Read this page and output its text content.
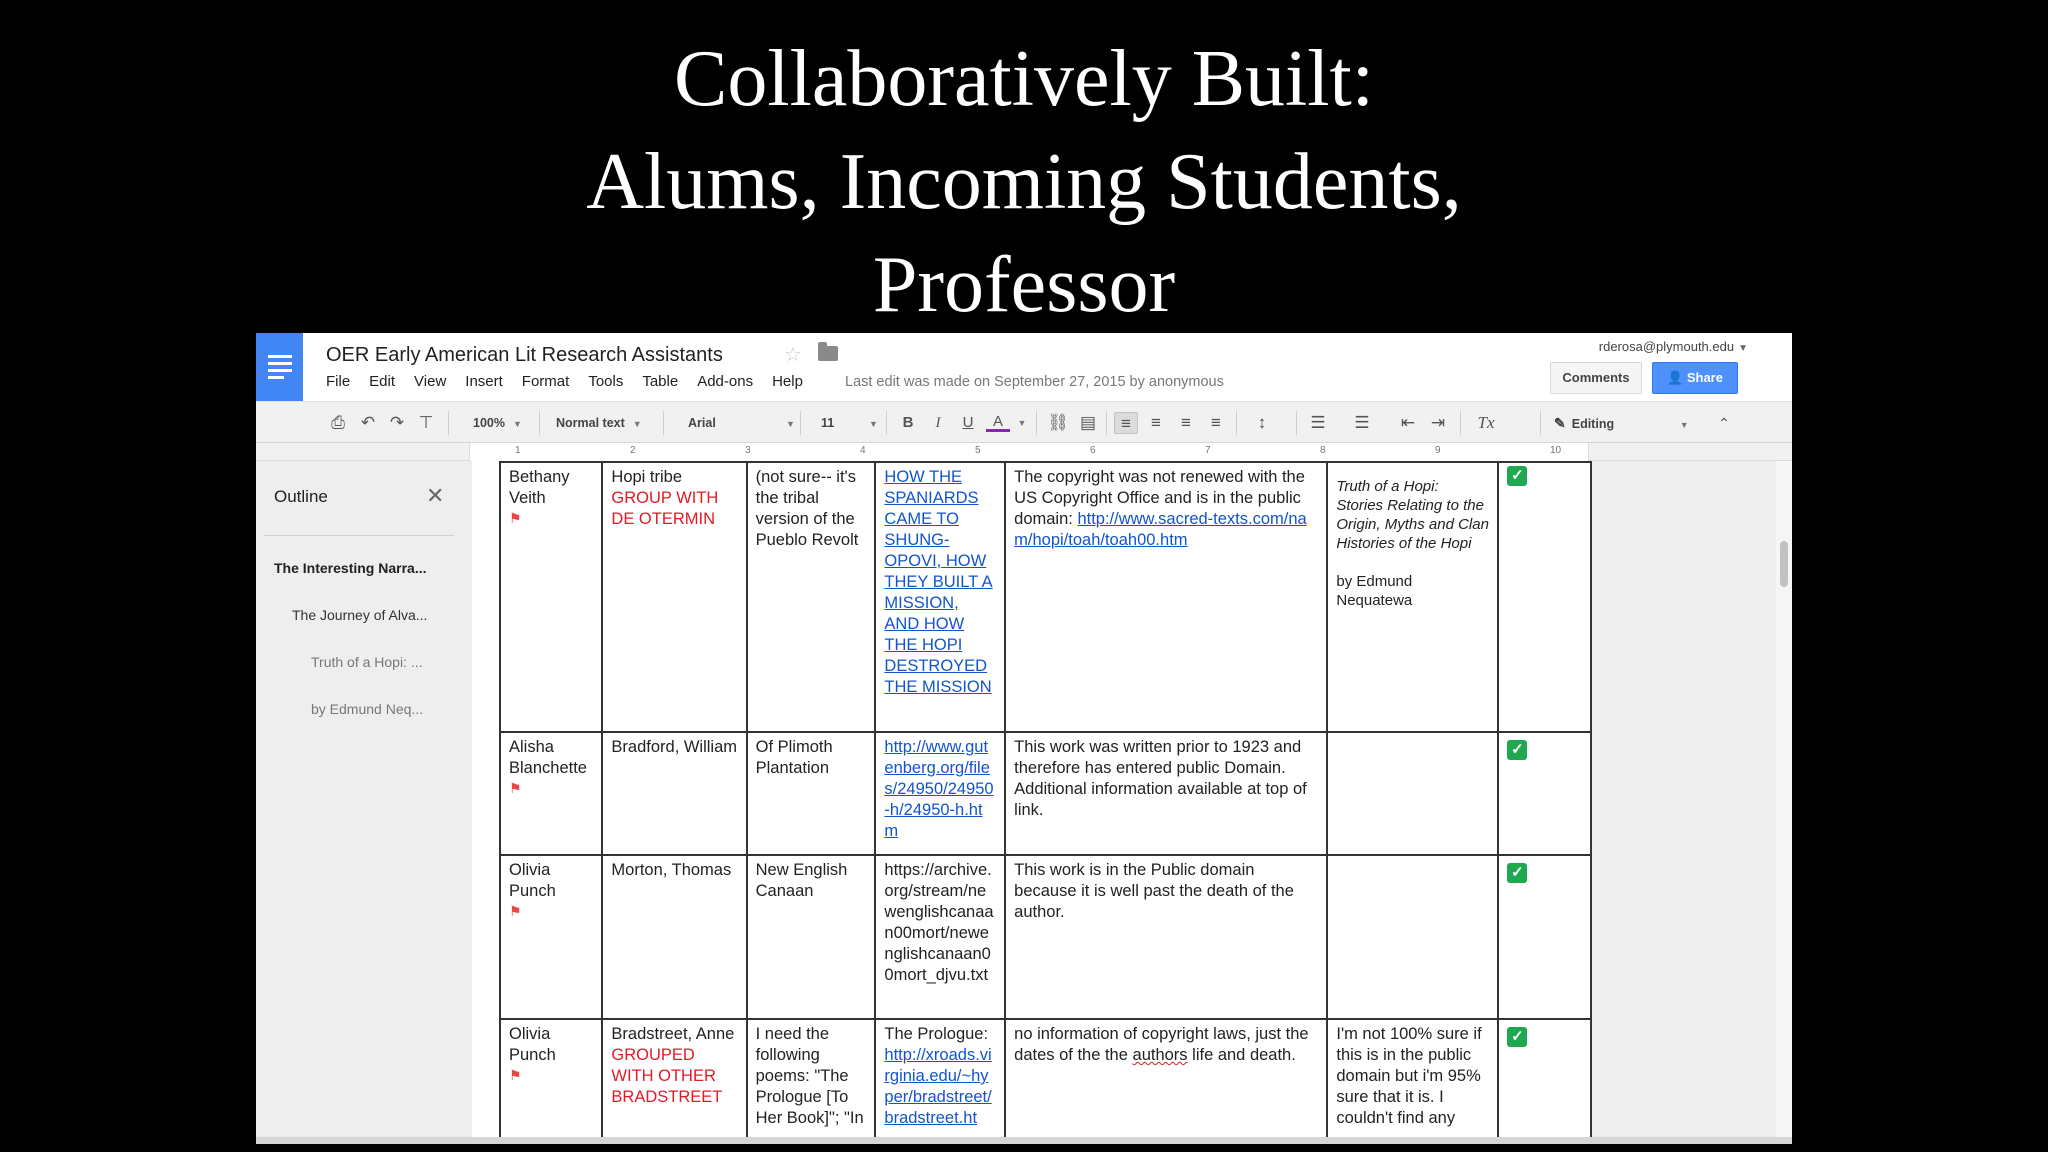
Collaboratively Built:
Alums, Incoming Students,
Professor
OER Early American Lit Research Assistants	☆
File Edit View Insert Format Tools Table Add-ons Help	Last edit was made on September 27, 2015 by anonymous
rderosa@plymouth.edu ▼
Comments	👤 Share
⎙ ↶ ↷ ⊤	100% ▼	Normal text ▼	Arial	▼ 11	▼	B	I	U	A	▼	⛓ ▤	≡	≡	≡	≡	↕	☰ ☰ ⇤ ⇥ Tx	✎ Editing	▼	⌃
1	2	3	4	5	6	7	8	9	10
Outline	✕
The Interesting Narra...
The Journey of Alva...
Truth of a Hopi: ...
by Edmund Neq...
Bethany Veith
⚑	Hopi tribe
GROUP WITH DE OTERMIN	(not sure-- it's the tribal version of the Pueblo Revolt	HOW THE SPANIARDS CAME TO SHUNG-OPOVI, HOW THEY BUILT A MISSION, AND HOW THE HOPI DESTROYED THE MISSION	The copyright was not renewed with the US Copyright Office and is in the public domain: http://www.sacred-texts.com/nam/hopi/toah/toah00.htm	Truth of a Hopi: Stories Relating to the Origin, Myths and Clan Histories of the Hopi

by Edmund Nequatewa	✓
Alisha Blanchette
⚑	Bradford, William	Of Plimoth Plantation	http://www.gutenberg.org/files/24950/24950-h/24950-h.htm	This work was written prior to 1923 and therefore has entered public Domain. Additional information available at top of link.		✓
Olivia Punch
⚑	Morton, Thomas	New English Canaan	https://archive.org/stream/newenglishcanaan00mort/newenglishcanaan00mort_djvu.txt	This work is in the Public domain because it is well past the death of the author.		✓
Olivia Punch
⚑	Bradstreet, Anne
GROUPED WITH OTHER BRADSTREET	I need the following poems: "The Prologue [To Her Book]"; "In	The Prologue: http://xroads.virginia.edu/~hyper/bradstreet/bradstreet.ht	no information of copyright laws, just the dates of the the authors life and death.	I'm not 100% sure if this is in the public domain but i'm 95% sure that it is. I couldn't find any	✓
